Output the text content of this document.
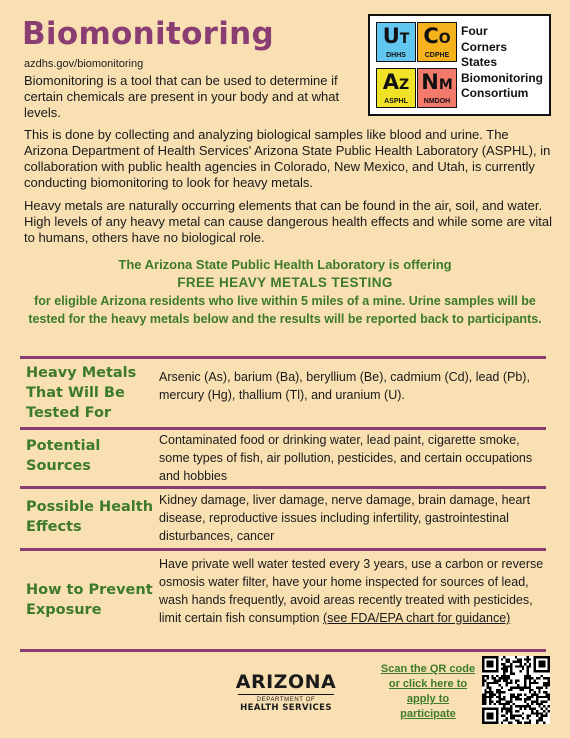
Biomonitoring
azdhs.gov/biomonitoring
UT
DHHS
CO
CDPHE
AZ
ASPHL
NM
NMDOH
Four
Corners
States
Biomonitoring
Consortium

Biomonitoring is a tool that can be used to determine if certain chemicals are present in your body and at what levels.

This is done by collecting and analyzing biological samples like blood and urine. The Arizona Department of Health Services' Arizona State Public Health Laboratory (ASPHL), in collaboration with public health agencies in Colorado, New Mexico, and Utah, is currently conducting biomonitoring to look for heavy metals.

Heavy metals are naturally occurring elements that can be found in the air, soil, and water. High levels of any heavy metal can cause dangerous health effects and while some are vital to humans, others have no biological role.

The Arizona State Public Health Laboratory is offering
FREE HEAVY METALS TESTING
for eligible Arizona residents who live within 5 miles of a mine. Urine samples will be tested for the heavy metals below and the results will be reported back to participants.
Heavy Metals That Will Be Tested For
Arsenic (As), barium (Ba), beryllium (Be), cadmium (Cd), lead (Pb), mercury (Hg), thallium (Tl), and uranium (U).
Potential Sources
Contaminated food or drinking water, lead paint, cigarette smoke, some types of fish, air pollution, pesticides, and certain occupations and hobbies
Possible Health Effects
Kidney damage, liver damage, nerve damage, brain damage, heart disease, reproductive issues including infertility, gastrointestinal disturbances, cancer
How to Prevent Exposure
Have private well water tested every 3 years, use a carbon or reverse osmosis water filter, have your home inspected for sources of lead, wash hands frequently, avoid areas recently treated with pesticides, limit certain fish consumption (see FDA/EPA chart for guidance)
ARIZONA
DEPARTMENT OF
HEALTH SERVICES
Scan the QR code or click here to apply to participate
